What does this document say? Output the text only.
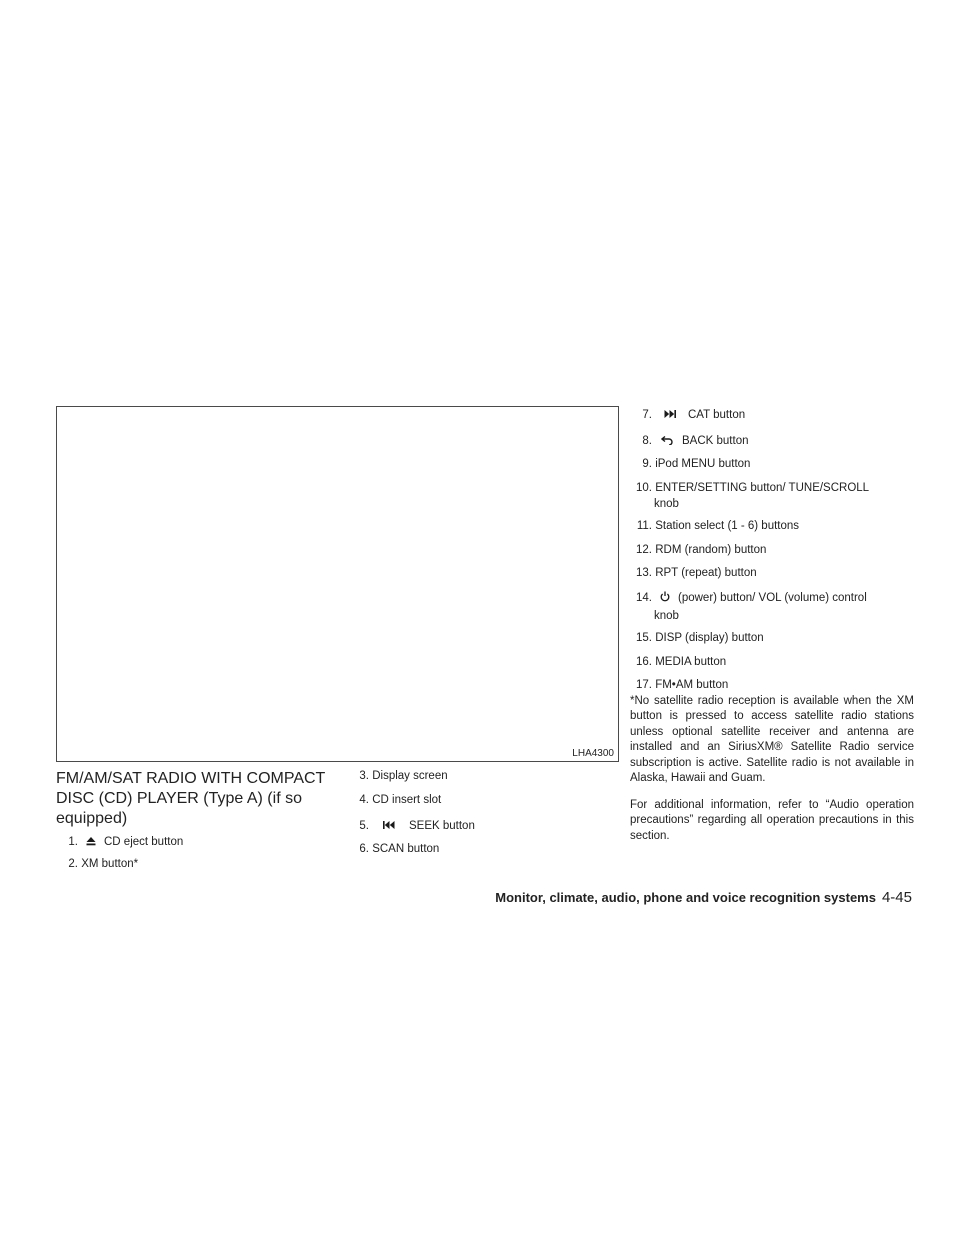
LHA4300
FM/AM/SAT RADIO WITH COMPACT DISC (CD) PLAYER (Type A) (if so equipped)
1. CD eject button
2. XM button*
3. Display screen
4. CD insert slot
5.	SEEK button
6. SCAN button
7.	CAT button
8.	BACK button
9. iPod MENU button
10. ENTER/SETTING button/ TUNE/SCROLL
knob
11. Station select (1 - 6) buttons
12. RDM (random) button
13. RPT (repeat) button
14. (power) button/ VOL (volume) control
knob
15. DISP (display) button
16. MEDIA button
17. FM•AM button

*No satellite radio reception is available when the XM button is pressed to access satellite radio stations unless optional satellite receiver and antenna are installed and an SiriusXM® Satellite Radio service subscription is active. Satellite radio is not available in Alaska, Hawaii and Guam.

For additional information, refer to “Audio operation precautions” regarding all operation precautions in this section.

Monitor, climate, audio, phone and voice recognition systems 4-45
